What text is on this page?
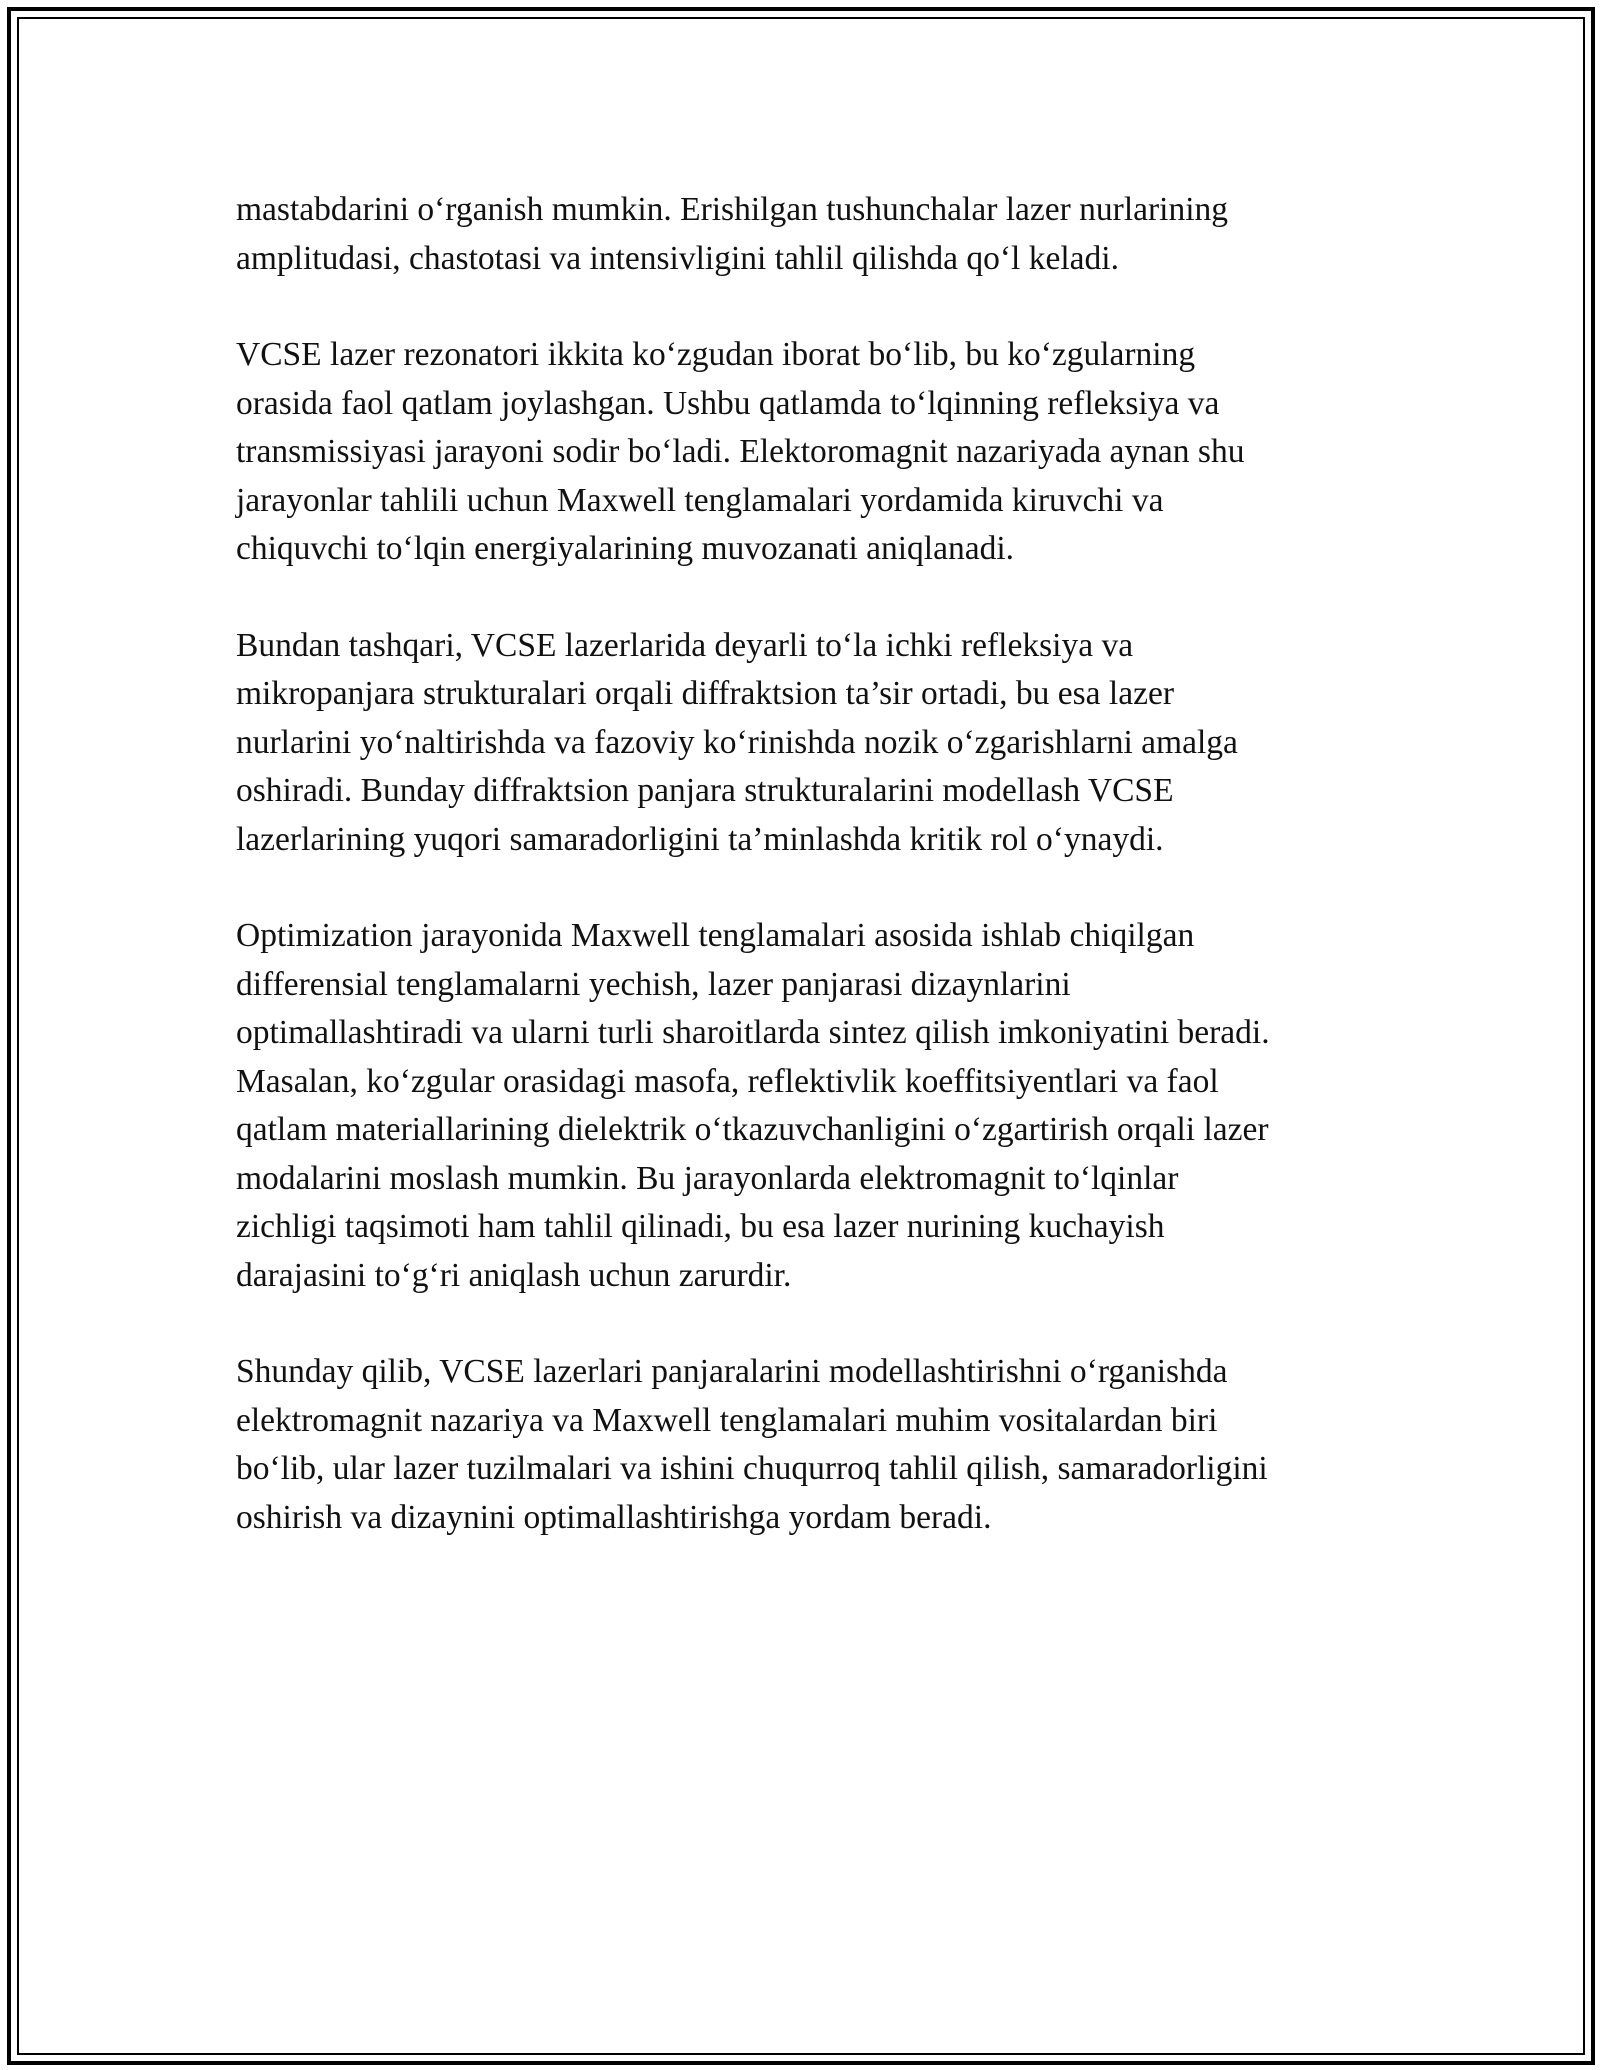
mastabdarini o‘rganish mumkin. Erishilgan tushunchalar lazer nurlarining
amplitudasi, chastotasi va intensivligini tahlil qilishda qo‘l keladi.

VCSE lazer rezonatori ikkita ko‘zgudan iborat bo‘lib, bu ko‘zgularning
orasida faol qatlam joylashgan. Ushbu qatlamda to‘lqinning refleksiya va
transmissiyasi jarayoni sodir bo‘ladi. Elektoromagnit nazariyada aynan shu
jarayonlar tahlili uchun Maxwell tenglamalari yordamida kiruvchi va
chiquvchi to‘lqin energiyalarining muvozanati aniqlanadi.

Bundan tashqari, VCSE lazerlarida deyarli to‘la ichki refleksiya va
mikropanjara strukturalari orqali diffraktsion ta’sir ortadi, bu esa lazer
nurlarini yo‘naltirishda va fazoviy ko‘rinishda nozik o‘zgarishlarni amalga
oshiradi. Bunday diffraktsion panjara strukturalarini modellash VCSE
lazerlarining yuqori samaradorligini ta’minlashda kritik rol o‘ynaydi.

Optimization jarayonida Maxwell tenglamalari asosida ishlab chiqilgan
differensial tenglamalarni yechish, lazer panjarasi dizaynlarini
optimallashtiradi va ularni turli sharoitlarda sintez qilish imkoniyatini beradi.
Masalan, ko‘zgular orasidagi masofa, reflektivlik koeffitsiyentlari va faol
qatlam materiallarining dielektrik o‘tkazuvchanligini o‘zgartirish orqali lazer
modalarini moslash mumkin. Bu jarayonlarda elektromagnit to‘lqinlar
zichligi taqsimoti ham tahlil qilinadi, bu esa lazer nurining kuchayish
darajasini to‘g‘ri aniqlash uchun zarurdir.

Shunday qilib, VCSE lazerlari panjaralarini modellashtirishni o‘rganishda
elektromagnit nazariya va Maxwell tenglamalari muhim vositalardan biri
bo‘lib, ular lazer tuzilmalari va ishini chuqurroq tahlil qilish, samaradorligini
oshirish va dizaynini optimallashtirishga yordam beradi.
